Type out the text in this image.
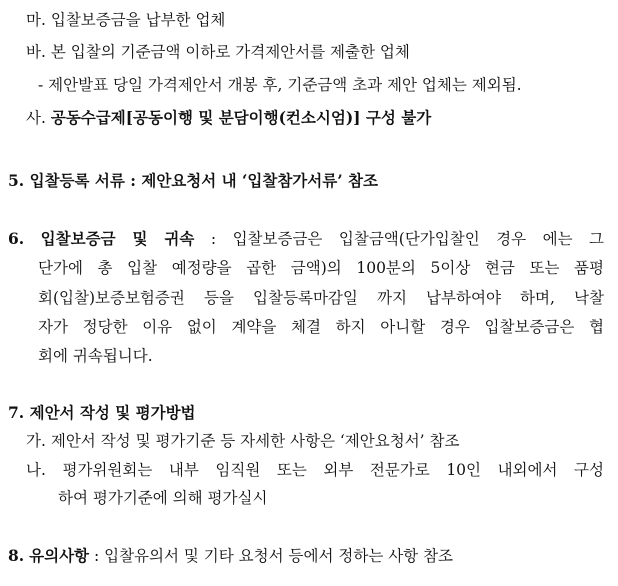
마. 입찰보증금을 납부한 업체
바. 본 입찰의 기준금액 이하로 가격제안서를 제출한 업체
- 제안발표 당일 가격제안서 개봉 후, 기준금액 초과 제안 업체는 제외됨.
사. 공동수급제[공동이행 및 분담이행(컨소시엄)] 구성 불가
5. 입찰등록 서류 : 제안요청서 내 ‘입찰참가서류’ 참조
6. 입찰보증금 및 귀속 : 입찰보증금은 입찰금액(단가입찰인 경우 에는 그
단가에 총 입찰 예정량을 곱한 금액)의 100분의 5이상 현금 또는 품평
회(입찰)보증보험증권 등을 입찰등록마감일 까지 납부하여야 하며, 낙찰
자가 정당한 이유 없이 계약을 체결 하지 아니할 경우 입찰보증금은 협
회에 귀속됩니다.
7. 제안서 작성 및 평가방법
가. 제안서 작성 및 평가기준 등 자세한 사항은 ‘제안요청서’ 참조
나. 평가위원회는 내부 임직원 또는 외부 전문가로 10인 내외에서 구성
하여 평가기준에 의해 평가실시
8. 유의사항 : 입찰유의서 및 기타 요청서 등에서 정하는 사항 참조
